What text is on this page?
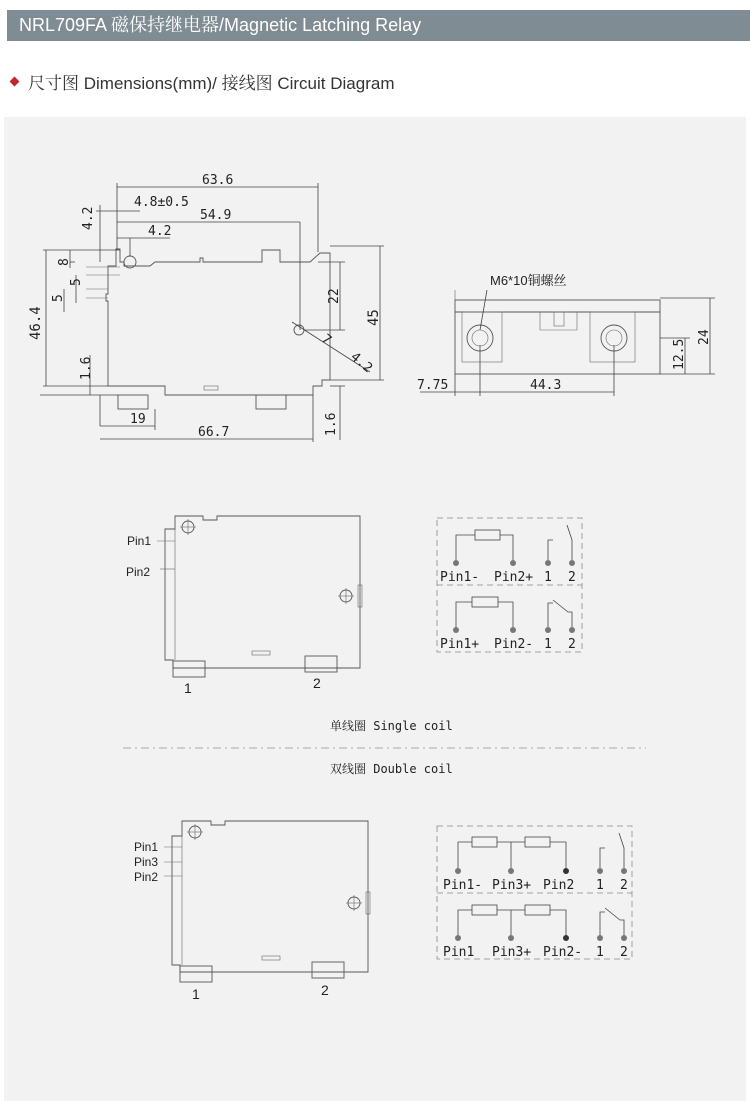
NRL709FA 磁保持继电器/Magnetic Latching Relay
尺寸图 Dimensions(mm)/ 接线图 Circuit Diagram
63.6
4.8±0.5
54.9
4.2
4.2
8
5
5
46.4
1.6
22
45
7
4.2
19
66.7	1.6
M6*10铜螺丝
7.75	44.3
12.5
24
Pin1
Pin2
1	2
Pin1- Pin2+ 1 2
Pin1+ Pin2- 1 2
单线圈 Single coil
双线圈 Double coil
Pin1
Pin3
Pin2
1	2
Pin1- Pin3+ Pin2 1 2
Pin1 Pin3+ Pin2- 1 2
